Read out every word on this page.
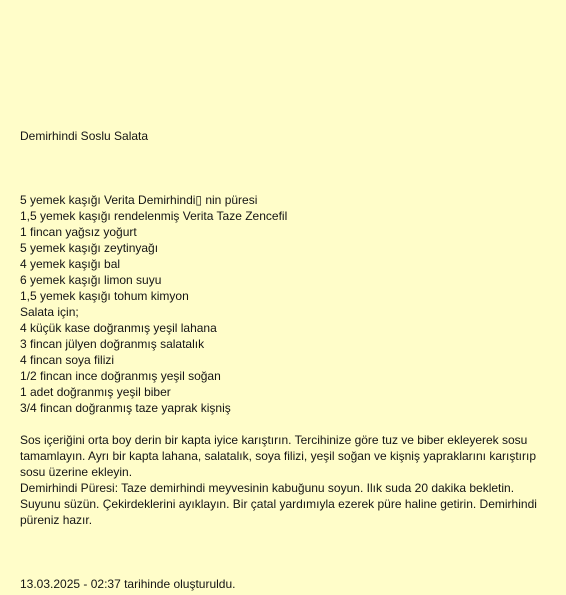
Demirhindi Soslu Salata
5 yemek kaşığı Verita Demirhindi▯ nin püresi
1,5 yemek kaşığı rendelenmiş Verita Taze Zencefil
1 fincan yağsız yoğurt
5 yemek kaşığı zeytinyağı
4 yemek kaşığı bal
6 yemek kaşığı limon suyu
1,5 yemek kaşığı tohum kimyon
Salata için;
4 küçük kase doğranmış yeşil lahana
3 fincan jülyen doğranmış salatalık
4 fincan soya filizi
1/2 fincan ince doğranmış yeşil soğan
1 adet doğranmış yeşil biber
3/4 fincan doğranmış taze yaprak kişniş

Sos içeriğini orta boy derin bir kapta iyice karıştırın. Tercihinize göre tuz ve biber ekleyerek sosu tamamlayın. Ayrı bir kapta lahana, salatalık, soya filizi, yeşil soğan ve kişniş yapraklarını karıştırıp sosu üzerine ekleyin.

Demirhindi Püresi: Taze demirhindi meyvesinin kabuğunu soyun. Ilık suda 20 dakika bekletin. Suyunu süzün. Çekirdeklerini ayıklayın. Bir çatal yardımıyla ezerek püre haline getirin. Demirhindi püreniz hazır.

13.03.2025 - 02:37 tarihinde oluşturuldu.
